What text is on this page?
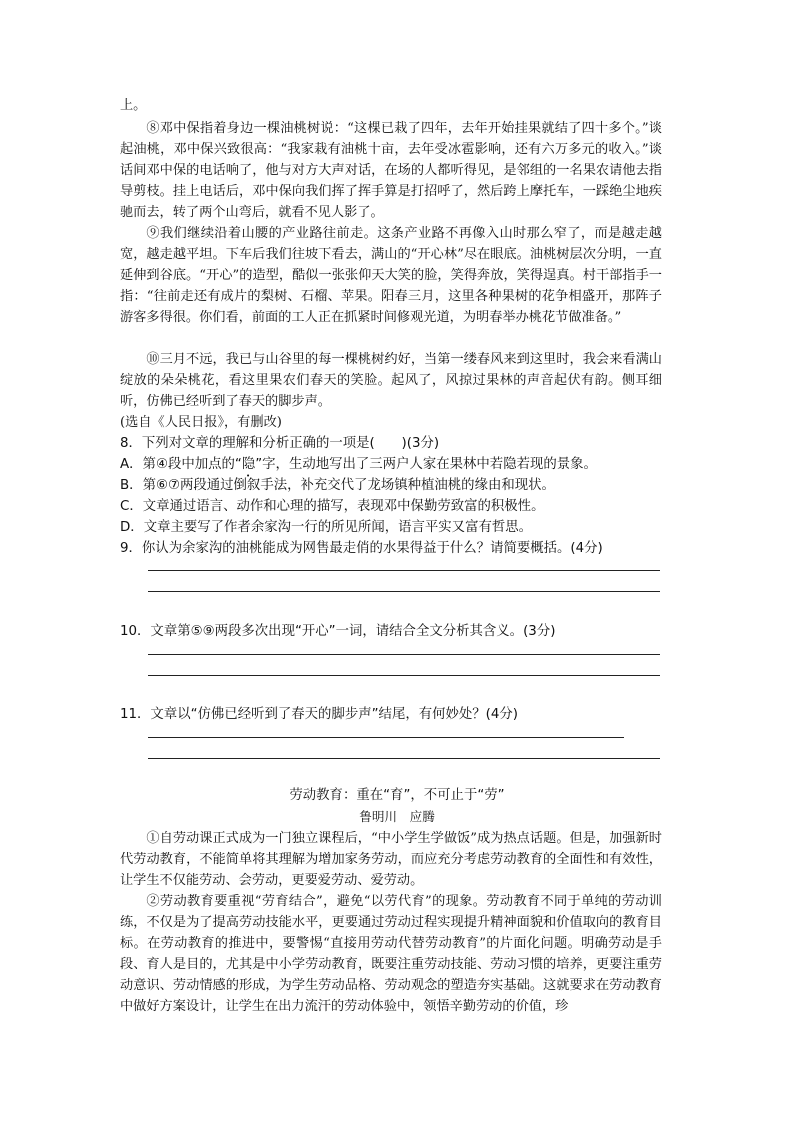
上。

⑧邓中保指着身边一棵油桃树说：“这棵已栽了四年，去年开始挂果就结了四十多个。”谈起油桃，邓中保兴致很高：“我家栽有油桃十亩，去年受冰雹影响，还有六万多元的收入。”谈话间邓中保的电话响了，他与对方大声对话，在场的人都听得见，是邻组的一名果农请他去指导剪枝。挂上电话后，邓中保向我们挥了挥手算是打招呼了，然后跨上摩托车，一踩绝尘地疾驰而去，转了两个山弯后，就看不见人影了。

⑨我们继续沿着山腰的产业路往前走。这条产业路不再像入山时那么窄了，而是越走越宽，越走越平坦。下车后我们往坡下看去，满山的“开心林”尽在眼底。油桃树层次分明，一直延伸到谷底。“开心”的造型，酷似一张张仰天大笑的脸，笑得奔放，笑得逞真。村干部指手一指：“往前走还有成片的梨树、石榴、苹果。阳春三月，这里各种果树的花争相盛开，那阵子游客多得很。你们看，前面的工人正在抓紧时间修观光道，为明春举办桃花节做准备。”

⑩三月不远，我已与山谷里的每一棵桃树约好，当第一缕春风来到这里时，我会来看满山绽放的朵朵桃花，看这里果农们春天的笑脸。起风了，风掠过果林的声音起伏有韵。侧耳细听，仿佛已经听到了春天的脚步声。

(选自《人民日报》，有删改)

8．下列对文章的理解和分析正确的一项是(　　)(3分)

A．第④段中加点的“隐”字，生动地写出了三两户人家在果林中若隐若现的景象。

B．第⑥⑦两段通过倒叙手法，补充交代了龙场镇种植油桃的缘由和现状。

C．文章通过语言、动作和心理的描写，表现邓中保勤劳致富的积极性。

D．文章主要写了作者余家沟一行的所见所闻，语言平实又富有哲思。

9．你认为余家沟的油桃能成为网售最走俏的水果得益于什么？请简要概括。(4分)

10．文章第⑤⑨两段多次出现“开心”一词，请结合全文分析其含义。(3分)

11．文章以“仿佛已经听到了春天的脚步声”结尾，有何妙处？(4分)

劳动教育：重在“育”，不可止于“劳”

鲁明川　应腾

①自劳动课正式成为一门独立课程后，“中小学生学做饭”成为热点话题。但是，加强新时代劳动教育，不能简单将其理解为增加家务劳动，而应充分考虑劳动教育的全面性和有效性，让学生不仅能劳动、会劳动，更要爱劳动、爱劳动。

②劳动教育要重视“劳育结合”，避免“以劳代育”的现象。劳动教育不同于单纯的劳动训练，不仅是为了提高劳动技能水平，更要通过劳动过程实现提升精神面貌和价值取向的教育目标。在劳动教育的推进中，要警惕“直接用劳动代替劳动教育”的片面化问题。明确劳动是手段、育人是目的，尤其是中小学劳动教育，既要注重劳动技能、劳动习惯的培养，更要注重劳动意识、劳动情感的形成，为学生劳动品格、劳动观念的塑造夯实基础。这就要求在劳动教育中做好方案设计，让学生在出力流汗的劳动体验中，领悟辛勤劳动的价值，珍
